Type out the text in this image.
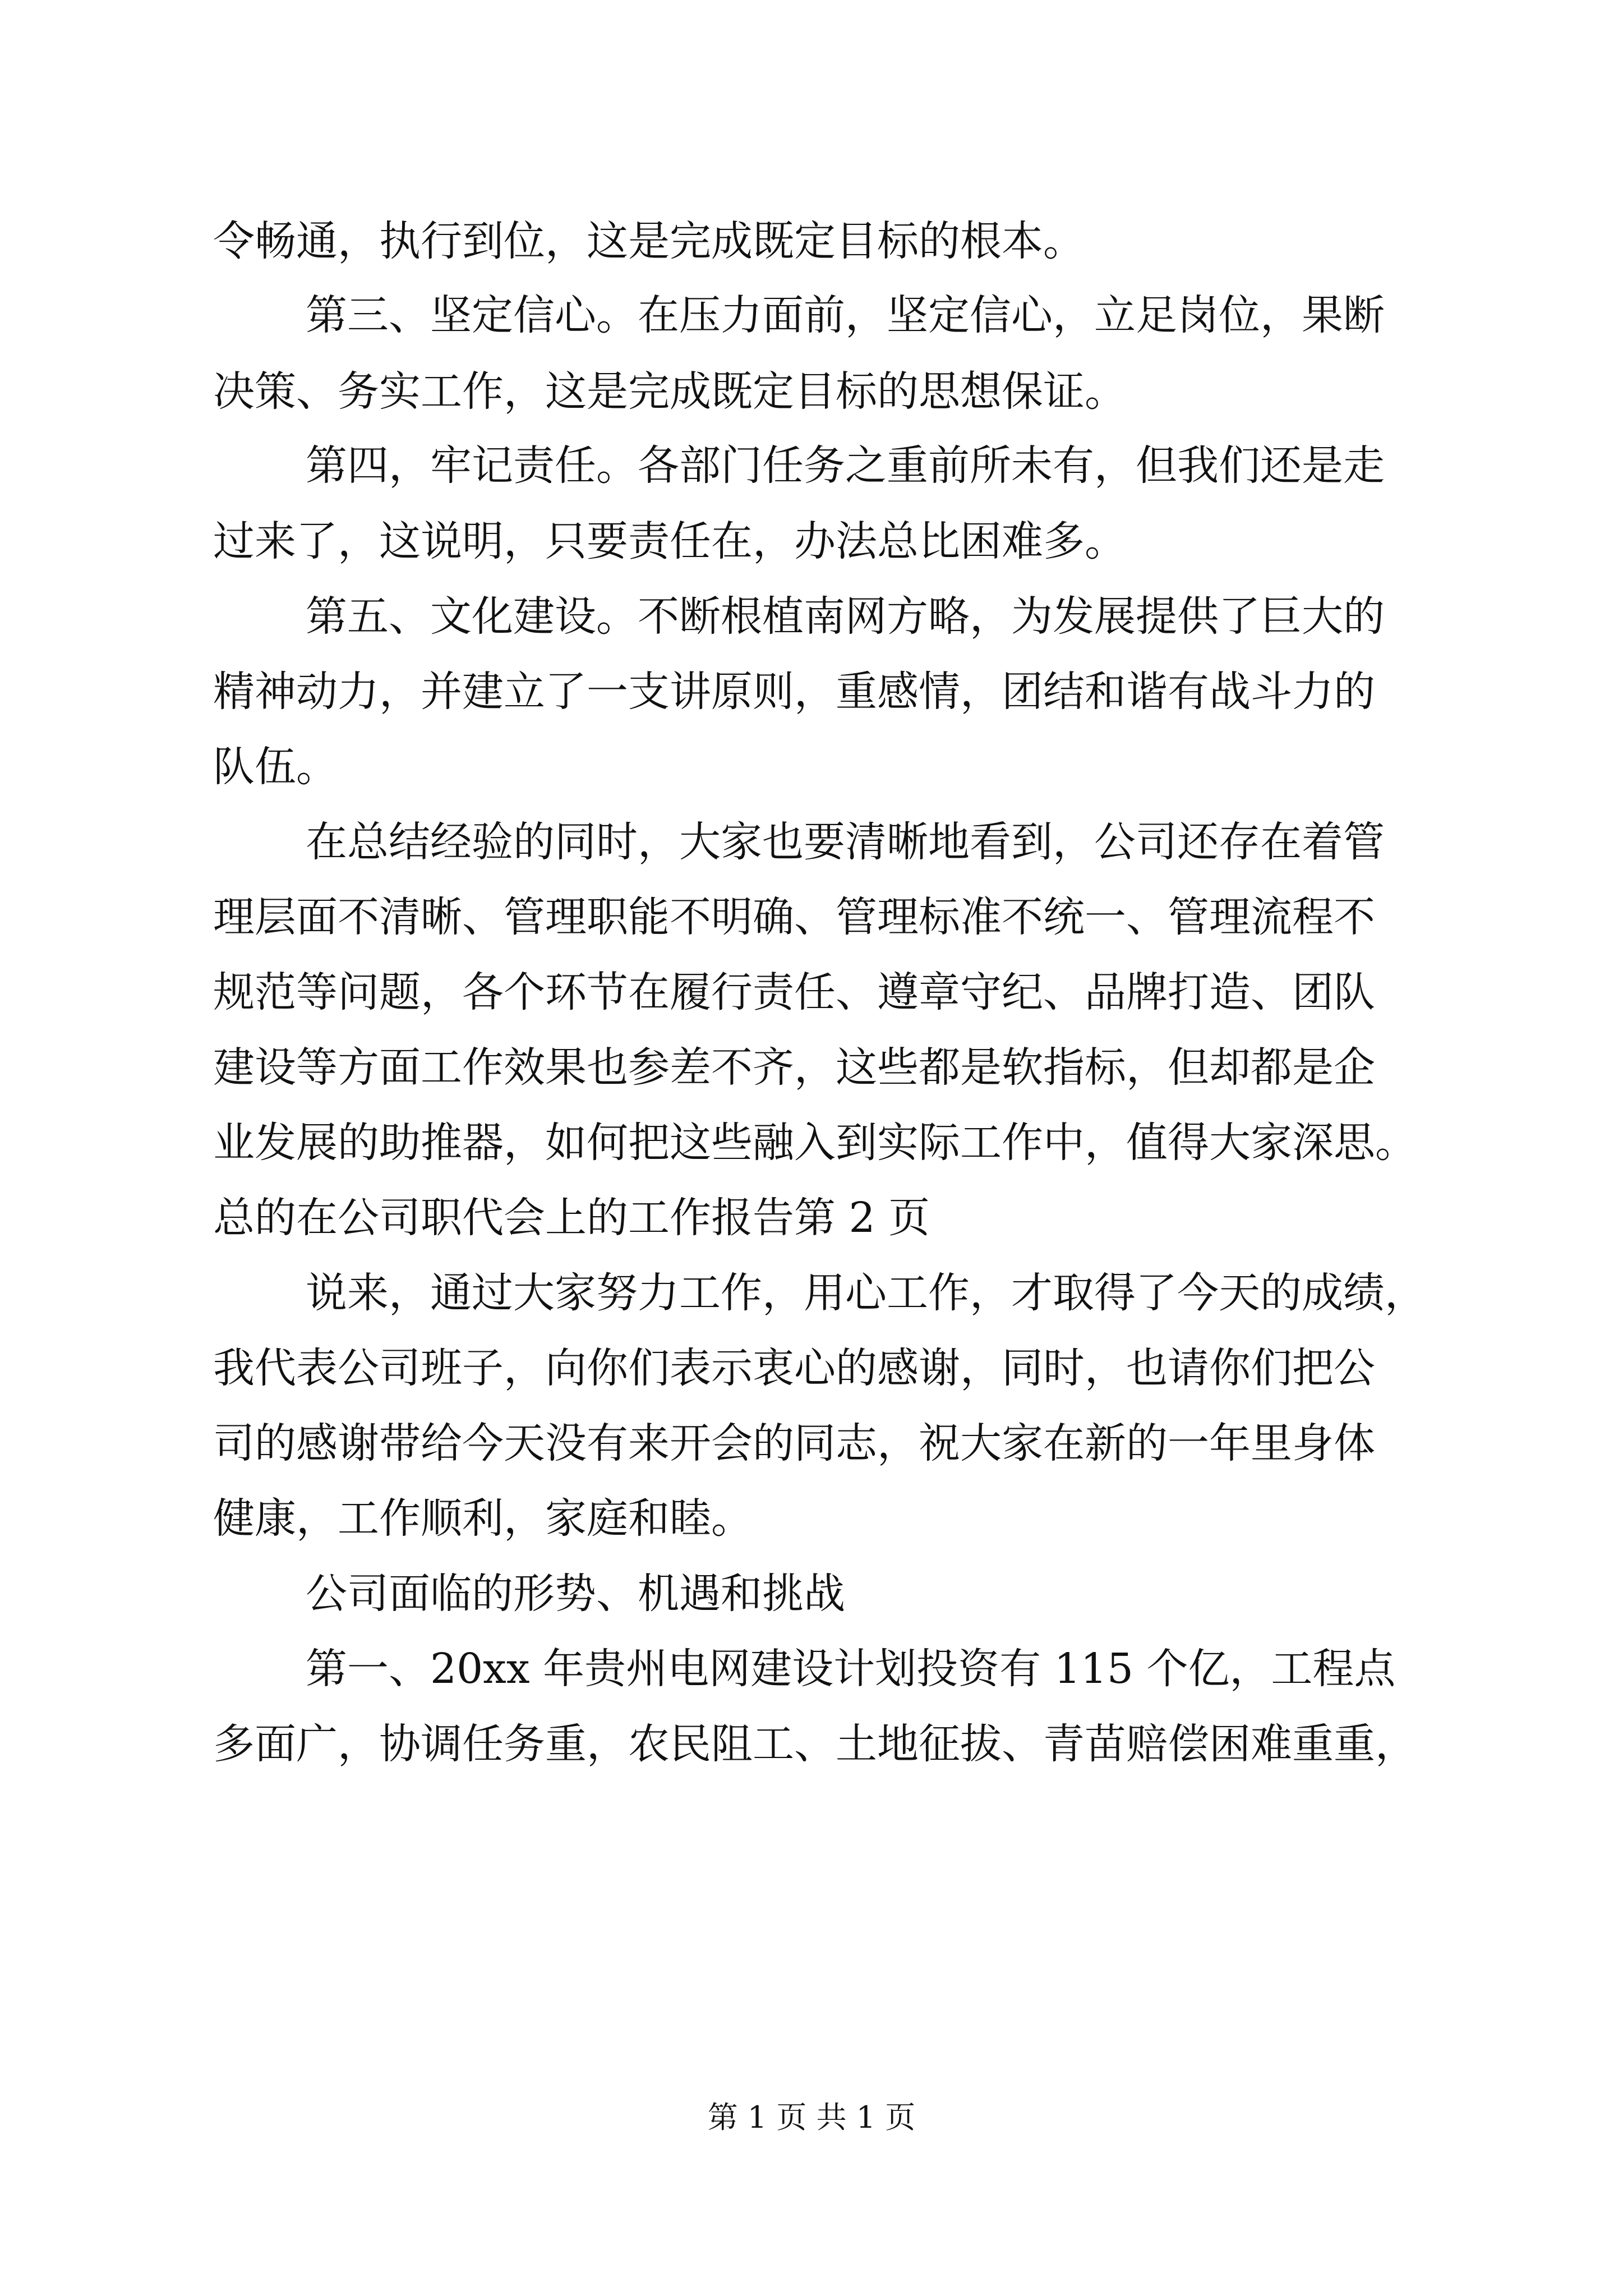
令畅通，执行到位，这是完成既定目标的根本。
第三、坚定信心。在压力面前，坚定信心，立足岗位，果断
决策、务实工作，这是完成既定目标的思想保证。
第四，牢记责任。各部门任务之重前所未有，但我们还是走
过来了，这说明，只要责任在，办法总比困难多。
第五、文化建设。不断根植南网方略，为发展提供了巨大的
精神动力，并建立了一支讲原则，重感情，团结和谐有战斗力的
队伍。
在总结经验的同时，大家也要清晰地看到，公司还存在着管
理层面不清晰、管理职能不明确、管理标准不统一、管理流程不
规范等问题，各个环节在履行责任、遵章守纪、品牌打造、团队
建设等方面工作效果也参差不齐，这些都是软指标，但却都是企
业发展的助推器，如何把这些融入到实际工作中，值得大家深思。
总的在公司职代会上的工作报告第 2 页
说来，通过大家努力工作，用心工作，才取得了今天的成绩，
我代表公司班子，向你们表示衷心的感谢，同时，也请你们把公
司的感谢带给今天没有来开会的同志，祝大家在新的一年里身体
健康，工作顺利，家庭和睦。
公司面临的形势、机遇和挑战
第一、20xx 年贵州电网建设计划投资有 115 个亿，工程点
多面广，协调任务重，农民阻工、土地征拔、青苗赔偿困难重重，
第 1 页 共 1 页
